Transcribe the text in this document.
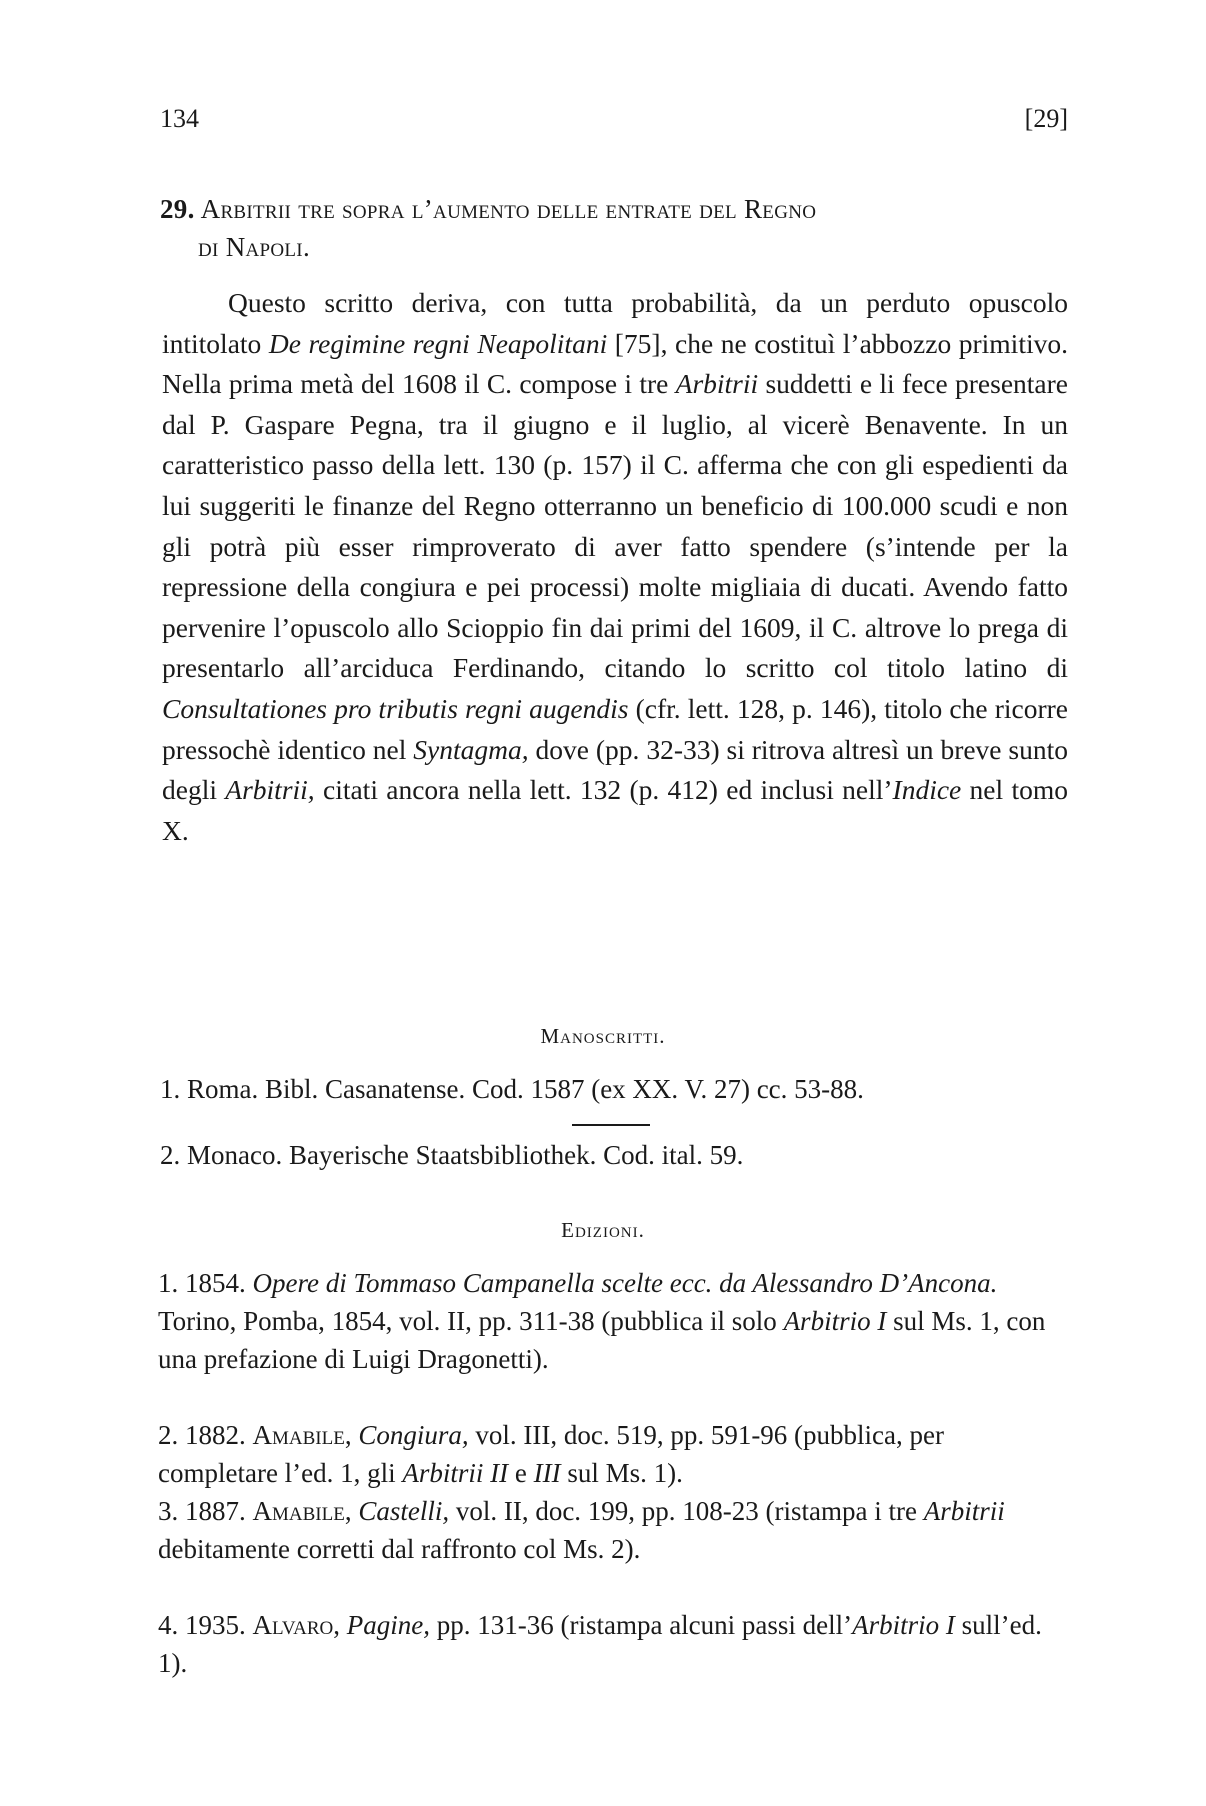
134	[29]
29. Arbitrii tre sopra l’aumento delle entrate del Regno
di Napoli.
Questo scritto deriva, con tutta probabilità, da un perduto opuscolo intitolato De regimine regni Neapolitani [75], che ne costituì l’abbozzo primitivo. Nella prima metà del 1608 il C. compose i tre Arbitrii suddetti e li fece presentare dal P. Gaspare Pegna, tra il giugno e il luglio, al vicerè Benavente. In un caratteristico passo della lett. 130 (p. 157) il C. afferma che con gli espedienti da lui suggeriti le finanze del Regno otterranno un beneficio di 100.000 scudi e non gli potrà più esser rimproverato di aver fatto spendere (s’intende per la repressione della congiura e pei processi) molte migliaia di ducati. Avendo fatto pervenire l’opuscolo allo Scioppio fin dai primi del 1609, il C. altrove lo prega di presentarlo all’arciduca Ferdinando, citando lo scritto col titolo latino di Consultationes pro tributis regni augendis (cfr. lett. 128, p. 146), titolo che ricorre pressochè identico nel Syntagma, dove (pp. 32-33) si ritrova altresì un breve sunto degli Arbitrii, citati ancora nella lett. 132 (p. 412) ed inclusi nell’Indice nel tomo X.
Manoscritti.
1. Roma. Bibl. Casanatense. Cod. 1587 (ex XX. V. 27) cc. 53-88.
2. Monaco. Bayerische Staatsbibliothek. Cod. ital. 59.
Edizioni.
1. 1854. Opere di Tommaso Campanella scelte ecc. da Alessandro D’Ancona. Torino, Pomba, 1854, vol. II, pp. 311-38 (pubblica il solo Arbitrio I sul Ms. 1, con una prefazione di Luigi Dragonetti).
2. 1882. Amabile, Congiura, vol. III, doc. 519, pp. 591-96 (pubblica, per completare l’ed. 1, gli Arbitrii II e III sul Ms. 1).
3. 1887. Amabile, Castelli, vol. II, doc. 199, pp. 108-23 (ristampa i tre Arbitrii debitamente corretti dal raffronto col Ms. 2).
4. 1935. Alvaro, Pagine, pp. 131-36 (ristampa alcuni passi dell’Arbitrio I sull’ed. 1).
